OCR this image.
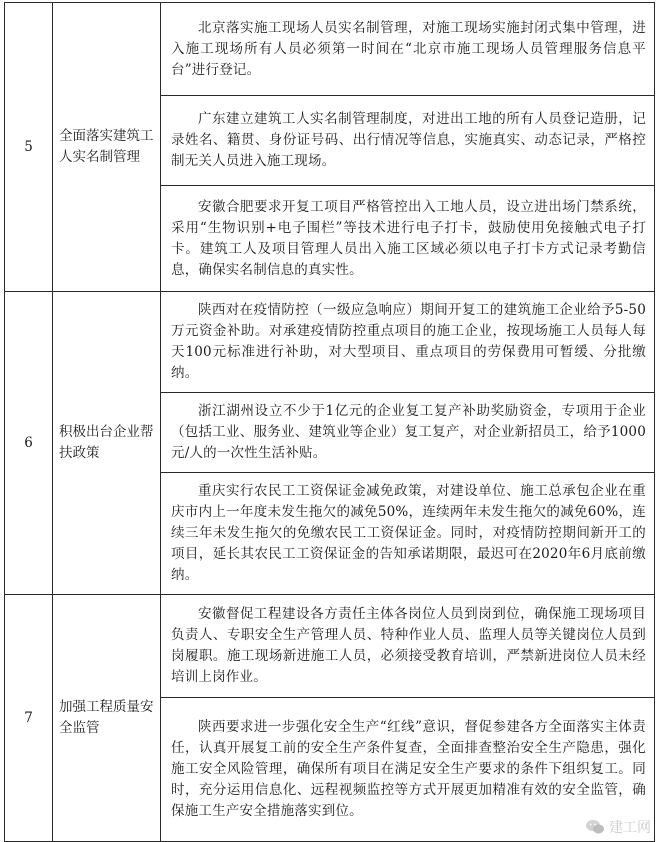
5	全面落实建筑工人实名制管理	北京落实施工现场人员实名制管理，对施工现场实施封闭式集中管理，进入施工现场所有人员必须第一时间在“北京市施工现场人员管理服务信息平台”进行登记。

		广东建立建筑工人实名制管理制度，对进出工地的所有人员登记造册，记录姓名、籍贯、身份证号码、出行情况等信息，实施真实、动态记录，严格控制无关人员进入施工现场。

		安徽合肥要求开复工项目严格管控出入工地人员，设立进出场门禁系统，采用“生物识别+电子围栏”等技术进行电子打卡，鼓励使用免接触式电子打卡。建筑工人及项目管理人员出入施工区域必须以电子打卡方式记录考勤信息，确保实名制信息的真实性。

6	积极出台企业帮扶政策	陕西对在疫情防控（一级应急响应）期间开复工的建筑施工企业给予5-50万元资金补助。对承建疫情防控重点项目的施工企业，按现场施工人员每人每天100元标准进行补助，对大型项目、重点项目的劳保费用可暂缓、分批缴纳。

		浙江湖州设立不少于1亿元的企业复工复产补助奖励资金，专项用于企业（包括工业、服务业、建筑业等企业）复工复产，对企业新招员工，给予1000元/人的一次性生活补贴。

		重庆实行农民工工资保证金减免政策，对建设单位、施工总承包企业在重庆市内上一年度未发生拖欠的减免50%，连续两年未发生拖欠的减免60%，连续三年未发生拖欠的免缴农民工工资保证金。同时，对疫情防控期间新开工的项目，延长其农民工工资保证金的告知承诺期限，最迟可在2020年6月底前缴纳。

7	加强工程质量安全监管	安徽督促工程建设各方责任主体各岗位人员到岗到位，确保施工现场项目负责人、专职安全生产管理人员、特种作业人员、监理人员等关键岗位人员到岗履职。施工现场新进施工人员，必须接受教育培训，严禁新进岗位人员未经培训上岗作业。

		陕西要求进一步强化安全生产“红线”意识，督促参建各方全面落实主体责任，认真开展复工前的安全生产条件复查，全面排查整治安全生产隐患，强化施工安全风险管理，确保所有项目在满足安全生产要求的条件下组织复工。同时，充分运用信息化、远程视频监控等方式开展更加精准有效的安全监管，确保施工生产安全措施落实到位。
建工网
